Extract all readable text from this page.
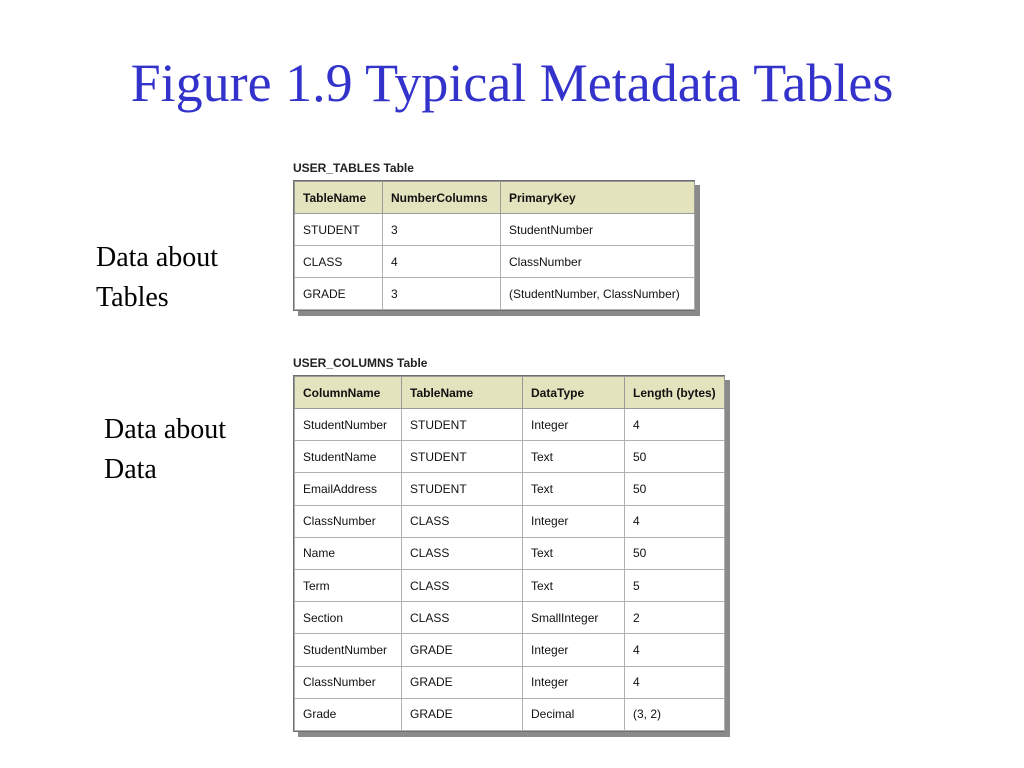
Figure 1.9 Typical Metadata Tables
Data about
Tables
Data about
Data
USER_TABLES Table
TableName	NumberColumns	PrimaryKey
STUDENT	3	StudentNumber
CLASS	4	ClassNumber
GRADE	3	(StudentNumber, ClassNumber)
USER_COLUMNS Table
ColumnName	TableName	DataType	Length (bytes)
StudentNumber	STUDENT	Integer	4
StudentName	STUDENT	Text	50
EmailAddress	STUDENT	Text	50
ClassNumber	CLASS	Integer	4
Name	CLASS	Text	50
Term	CLASS	Text	5
Section	CLASS	SmallInteger	2
StudentNumber	GRADE	Integer	4
ClassNumber	GRADE	Integer	4
Grade	GRADE	Decimal	(3, 2)
